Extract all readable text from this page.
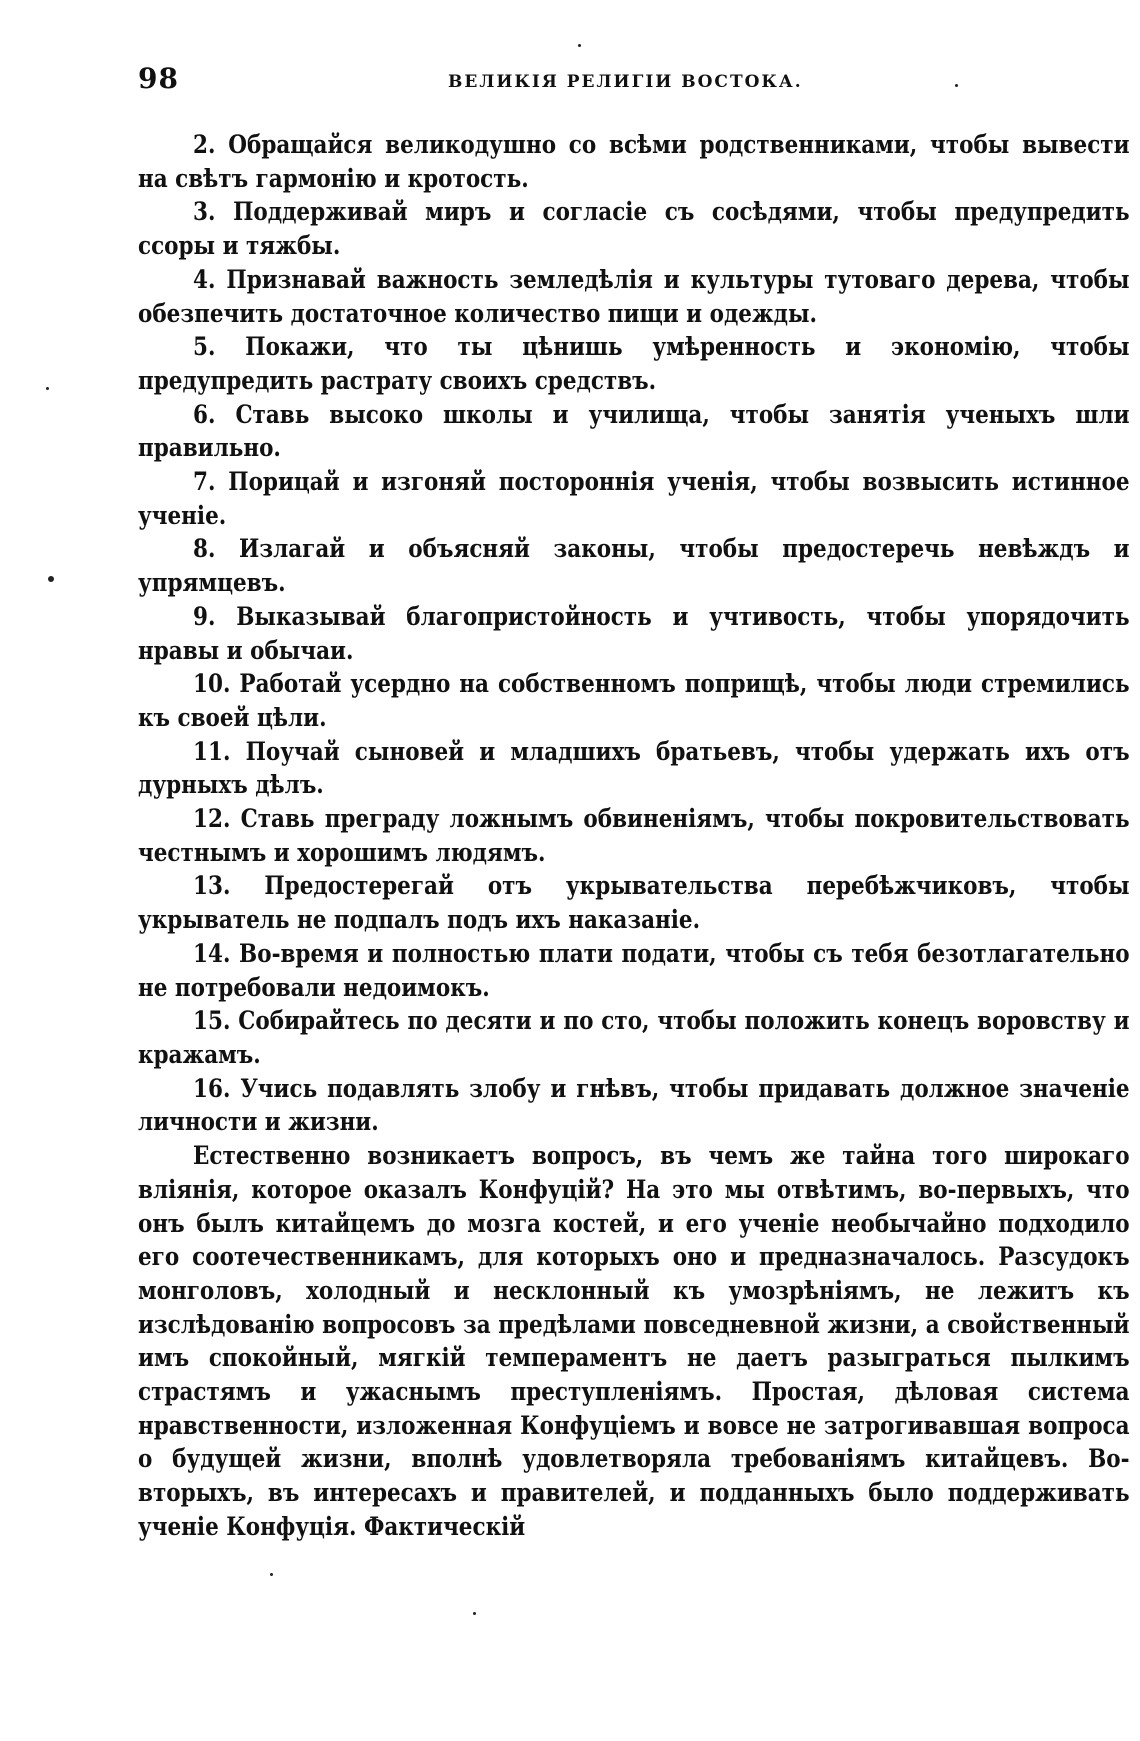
98	ВЕЛИКІЯ РЕЛИГІИ ВОСТОКА.

2. Обращайся великодушно со всѣми родственниками, чтобы вывести на свѣтъ гармонію и кротость.

3. Поддерживай миръ и согласіе съ сосѣдями, чтобы предупредить ссоры и тяжбы.

4. Признавай важность земледѣлія и культуры тутоваго дерева, чтобы обезпечить достаточное количество пищи и одежды.

5. Покажи, что ты цѣнишь умѣренность и экономію, чтобы предупредить растрату своихъ средствъ.

6. Ставь высоко школы и училища, чтобы занятія ученыхъ шли правильно.

7. Порицай и изгоняй постороннія ученія, чтобы возвысить истинное ученіе.

8. Излагай и объясняй законы, чтобы предостеречь невѣждъ и упрямцевъ.

9. Выказывай благопристойность и учтивость, чтобы упорядочить нравы и обычаи.

10. Работай усердно на собственномъ поприщѣ, чтобы люди стремились къ своей цѣли.

11. Поучай сыновей и младшихъ братьевъ, чтобы удержать ихъ отъ дурныхъ дѣлъ.

12. Ставь преграду ложнымъ обвиненіямъ, чтобы покровительствовать честнымъ и хорошимъ людямъ.

13. Предостерегай отъ укрывательства перебѣжчиковъ, чтобы укрыватель не подпалъ подъ ихъ наказаніе.

14. Во-время и полностью плати подати, чтобы съ тебя безотлагательно не потребовали недоимокъ.

15. Собирайтесь по десяти и по сто, чтобы положить конецъ воровству и кражамъ.

16. Учись подавлять злобу и гнѣвъ, чтобы придавать должное значеніе личности и жизни.

Естественно возникаетъ вопросъ, въ чемъ же тайна того широкаго вліянія, которое оказалъ Конфуцій? На это мы отвѣтимъ, во-первыхъ, что онъ былъ китайцемъ до мозга костей, и его ученіе необычайно подходило его соотечественникамъ, для которыхъ оно и предназначалось. Разсудокъ монголовъ, холодный и несклонный къ умозрѣніямъ, не лежитъ къ изслѣдованію вопросовъ за предѣлами повседневной жизни, а свойственный имъ спокойный, мягкій темпераментъ не даетъ разыграться пылкимъ страстямъ и ужаснымъ преступленіямъ. Простая, дѣловая система нравственности, изложенная Конфуціемъ и вовсе не затрогивавшая вопроса о будущей жизни, вполнѣ удовлетворяла требованіямъ китайцевъ. Во-вторыхъ, въ интересахъ и правителей, и подданныхъ было поддерживать ученіе Конфуція. Фактическій
